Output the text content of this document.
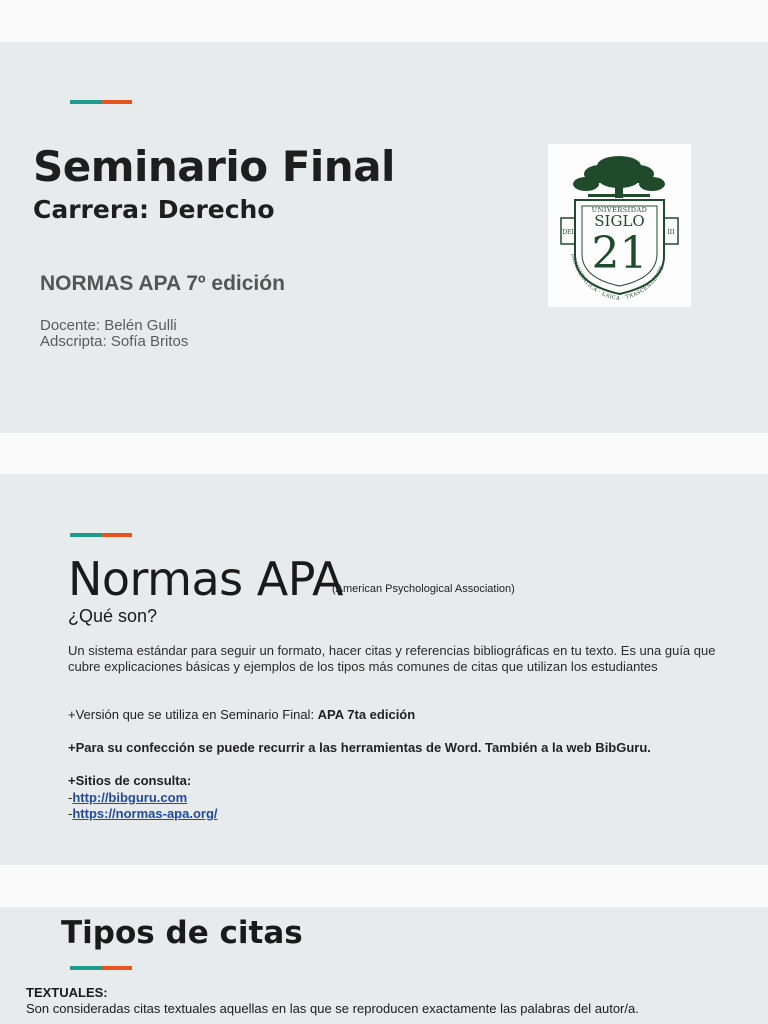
Seminario Final
Carrera: Derecho
NORMAS APA 7º edición
Docente: Belén Gulli
Adscripta: Sofía Britos
DEI	III
UNIVERSIDAD
SIGLO
21
DEMOCRÁTICA · LAICA · TRASCENDENTE
Normas APA
(American Psychological Association)
¿Qué son?
Un sistema estándar para seguir un formato, hacer citas y referencias bibliográficas en tu texto. Es una guía que cubre explicaciones básicas y ejemplos de los tipos más comunes de citas que utilizan los estudiantes
+Versión que se utiliza en Seminario Final: APA 7ta edición
+Para su confección se puede recurrir a las herramientas de Word. También a la web BibGuru.
+Sitios de consulta:
-http://bibguru.com
-https://normas-apa.org/
Tipos de citas
TEXTUALES:
Son consideradas citas textuales aquellas en las que se reproducen exactamente las palabras del autor/a.
